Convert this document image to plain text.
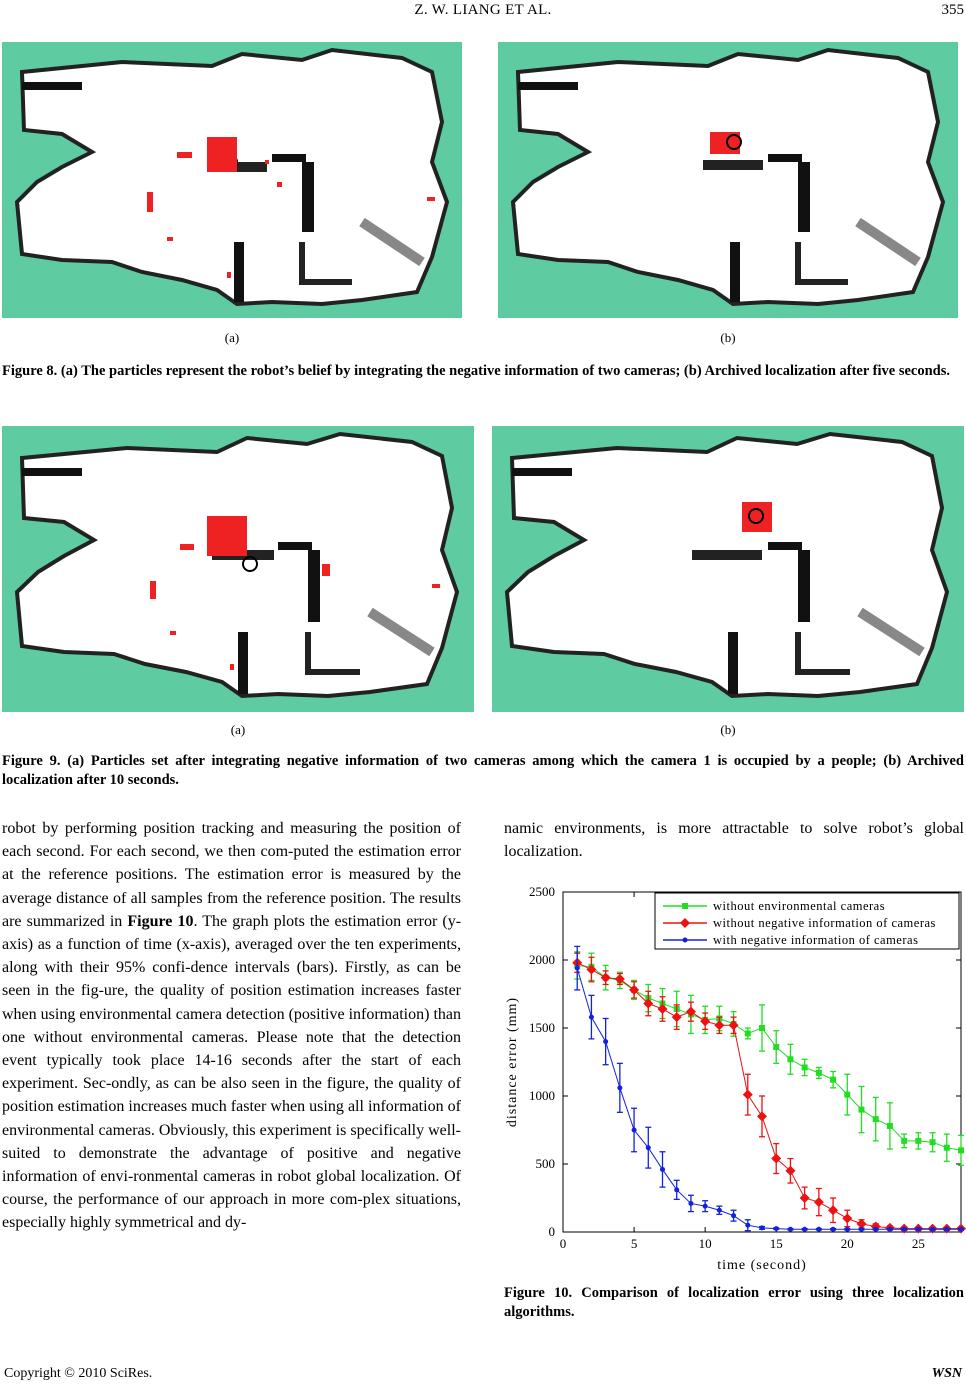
Z. W. LIANG ET AL.	355
(a)	(b)
Figure 8. (a) The particles represent the robot’s belief by integrating the negative information of two cameras; (b) Archived localization after five seconds.
(a)	(b)
Figure 9. (a) Particles set after integrating negative information of two cameras among which the camera 1 is occupied by a people; (b) Archived localization after 10 seconds.
robot by performing position tracking and measuring the position of each second. For each second, we then com-puted the estimation error at the reference positions. The estimation error is measured by the average distance of all samples from the reference position. The results are summarized in Figure 10. The graph plots the estimation error (y-axis) as a function of time (x-axis), averaged over the ten experiments, along with their 95% confi-dence intervals (bars). Firstly, as can be seen in the fig-ure, the quality of position estimation increases faster when using environmental camera detection (positive information) than one without environmental cameras. Please note that the detection event typically took place 14-16 seconds after the start of each experiment. Sec-ondly, as can be also seen in the figure, the quality of position estimation increases much faster when using all information of environmental cameras. Obviously, this experiment is specifically well-suited to demonstrate the advantage of positive and negative information of envi-ronmental cameras in robot global localization. Of course, the performance of our approach in more com-plex situations, especially highly symmetrical and dy-
namic environments, is more attractable to solve robot’s global localization.
0
500
1000
1500
2000
2500
0	5	10	15	20	25
without environmental cameras
without negative information of cameras
with negative information of cameras
time (second)
distance error (mm)
Figure 10. Comparison of localization error using three localization algorithms.
Copyright © 2010 SciRes.	WSN
